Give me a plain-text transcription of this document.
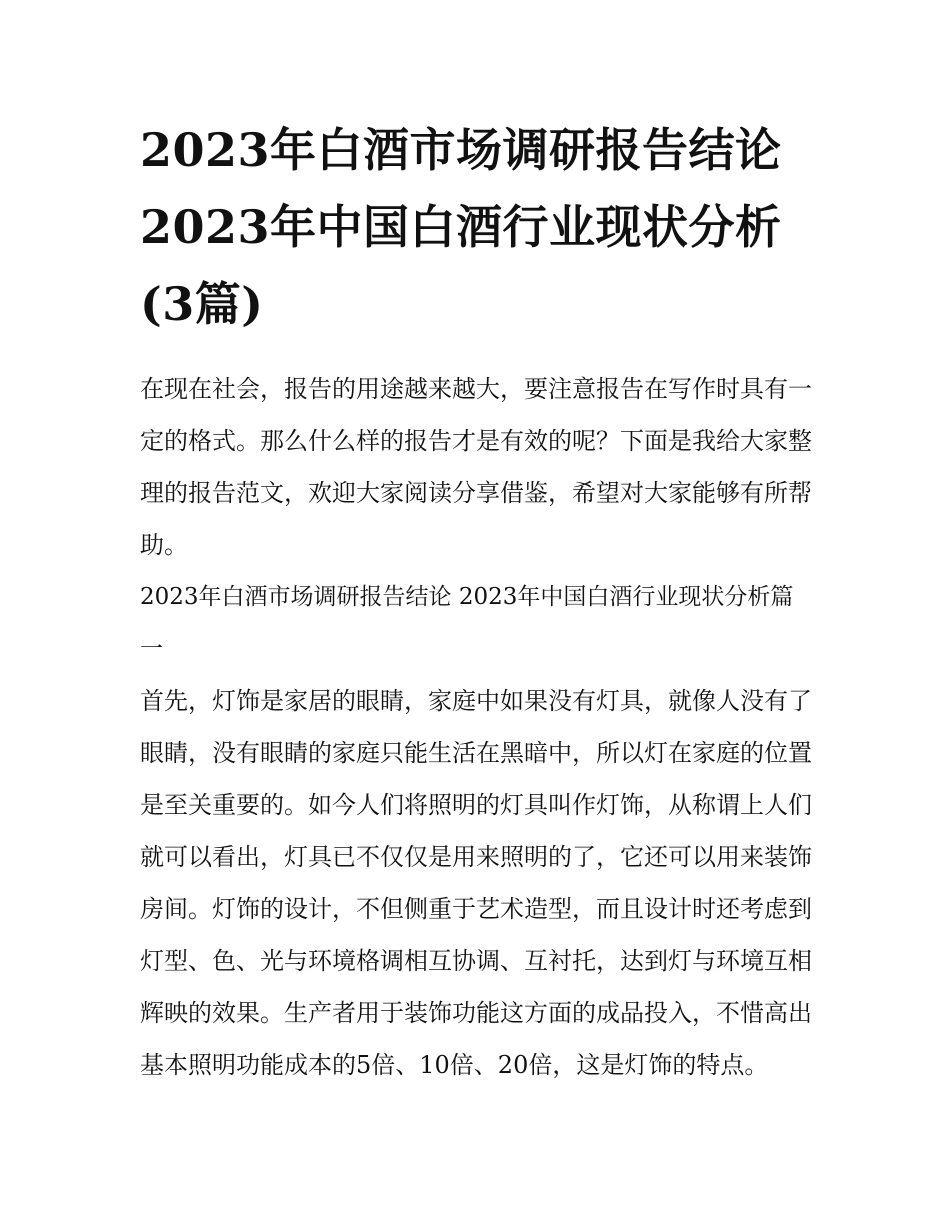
2023年白酒市场调研报告结论
2023年中国白酒行业现状分析
(3篇)

在现在社会，报告的用途越来越大，要注意报告在写作时具有一定的格式。那么什么样的报告才是有效的呢？下面是我给大家整理的报告范文，欢迎大家阅读分享借鉴，希望对大家能够有所帮助。

2023年白酒市场调研报告结论 2023年中国白酒行业现状分析篇一

首先，灯饰是家居的眼睛，家庭中如果没有灯具，就像人没有了眼睛，没有眼睛的家庭只能生活在黑暗中，所以灯在家庭的位置是至关重要的。如今人们将照明的灯具叫作灯饰，从称谓上人们就可以看出，灯具已不仅仅是用来照明的了，它还可以用来装饰房间。灯饰的设计，不但侧重于艺术造型，而且设计时还考虑到灯型、色、光与环境格调相互协调、互衬托，达到灯与环境互相辉映的效果。生产者用于装饰功能这方面的成品投入，不惜高出基本照明功能成本的5倍、10倍、20倍，这是灯饰的特点。
